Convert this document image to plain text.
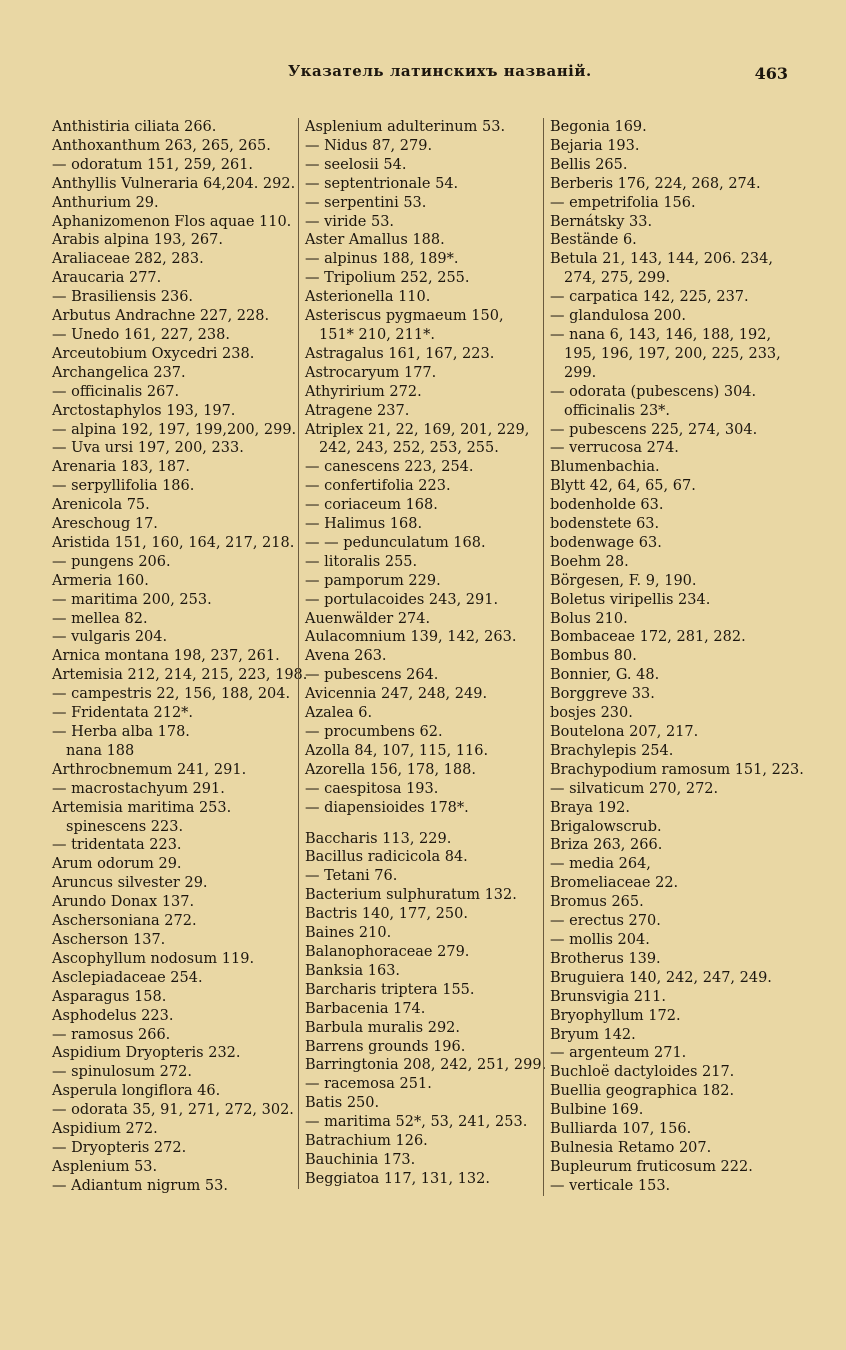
Указатель латинскихъ названій.	463
Anthistiria ciliata 266.
Anthoxanthum 263, 265, 265.
— odoratum 151, 259, 261.
Anthyllis Vulneraria 64,204. 292.
Anthurium 29.
Aphanizomenon Flos aquae 110.
Arabis alpina 193, 267.
Araliaceae 282, 283.
Araucaria 277.
— Brasiliensis 236.
Arbutus Andrachne 227, 228.
— Unedo 161, 227, 238.
Arceutobium Oxycedri 238.
Archangelica 237.
— officinalis 267.
Arctostaphylos 193, 197.
— alpina 192, 197, 199,200, 299.
— Uva ursi 197, 200, 233.
Arenaria 183, 187.
— serpyllifolia 186.
Arenicola 75.
Areschoug 17.
Aristida 151, 160, 164, 217, 218.
— pungens 206.
Armeria 160.
— maritima 200, 253.
— mellea 82.
— vulgaris 204.
Arnica montana 198, 237, 261.
Artemisia 212, 214, 215, 223, 198.
— campestris 22, 156, 188, 204.
— Fridentata 212*.
— Herba alba 178.
nana 188
Arthrocbnemum 241, 291.
— macrostachyum 291.
Artemisia maritima 253.
spinescens 223.
— tridentata 223.
Arum odorum 29.
Aruncus silvester 29.
Arundo Donax 137.
Aschersoniana 272.
Ascherson 137.
Ascophyllum nodosum 119.
Asclepiadaceae 254.
Asparagus 158.
Asphodelus 223.
— ramosus 266.
Aspidium Dryopteris 232.
— spinulosum 272.
Asperula longiflora 46.
— odorata 35, 91, 271, 272, 302.
Aspidium 272.
— Dryopteris 272.
Asplenium 53.
— Adiantum nigrum 53.
Asplenium adulterinum 53.
— Nidus 87, 279.
— seelosii 54.
— septentrionale 54.
— serpentini 53.
— viride 53.
Aster Amallus 188.
— alpinus 188, 189*.
— Tripolium 252, 255.
Asterionella 110.
Asteriscus pygmaeum 150, 151* 210, 211*.
Astragalus 161, 167, 223.
Astrocaryum 177.
Athyririum 272.
Atragene 237.
Atriplex 21, 22, 169, 201, 229, 242, 243, 252, 253, 255.
— canescens 223, 254.
— confertifolia 223.
— coriaceum 168.
— Halimus 168.
— — pedunculatum 168.
— litoralis 255.
— pamporum 229.
— portulacoides 243, 291.
Auenwälder 274.
Aulacomnium 139, 142, 263.
Avena 263.
— pubescens 264.
Avicennia 247, 248, 249.
Azalea 6.
— procumbens 62.
Azolla 84, 107, 115, 116.
Azorella 156, 178, 188.
— caespitosa 193.
— diapensioides 178*.
Baccharis 113, 229.
Bacillus radicicola 84.
— Tetani 76.
Bacterium sulphuratum 132.
Bactris 140, 177, 250.
Baines 210.
Balanophoraceae 279.
Banksia 163.
Barcharis triptera 155.
Barbacenia 174.
Barbula muralis 292.
Barrens grounds 196.
Barringtonia 208, 242, 251, 299.
— racemosa 251.
Batis 250.
— maritima 52*, 53, 241, 253.
Batrachium 126.
Bauchinia 173.
Beggiatoa 117, 131, 132.
Begonia 169.
Bejaria 193.
Bellis 265.
Berberis 176, 224, 268, 274.
— empetrifolia 156.
Bernátsky 33.
Bestände 6.
Betula 21, 143, 144, 206. 234, 274, 275, 299.
— carpatica 142, 225, 237.
— glandulosa 200.
— nana 6, 143, 146, 188, 192, 195, 196, 197, 200, 225, 233, 299.
— odorata (pubescens) 304.
officinalis 23*.
— pubescens 225, 274, 304.
— verrucosa 274.
Blumenbachia.
Blytt 42, 64, 65, 67.
bodenholde 63.
bodenstete 63.
bodenwage 63.
Boehm 28.
Börgesen, F. 9, 190.
Boletus viripellis 234.
Bolus 210.
Bombaceae 172, 281, 282.
Bombus 80.
Bonnier, G. 48.
Borggreve 33.
bosjes 230.
Boutelona 207, 217.
Brachylepis 254.
Brachypodium ramosum 151, 223.
— silvaticum 270, 272.
Braya 192.
Brigalowscrub.
Briza 263, 266.
— media 264,
Bromeliaceae 22.
Bromus 265.
— erectus 270.
— mollis 204.
Brotherus 139.
Bruguiera 140, 242, 247, 249.
Brunsvigia 211.
Bryophyllum 172.
Bryum 142.
— argenteum 271.
Buchloë dactyloides 217.
Buellia geographica 182.
Bulbine 169.
Bulliarda 107, 156.
Bulnesia Retamo 207.
Bupleurum fruticosum 222.
— verticale 153.
